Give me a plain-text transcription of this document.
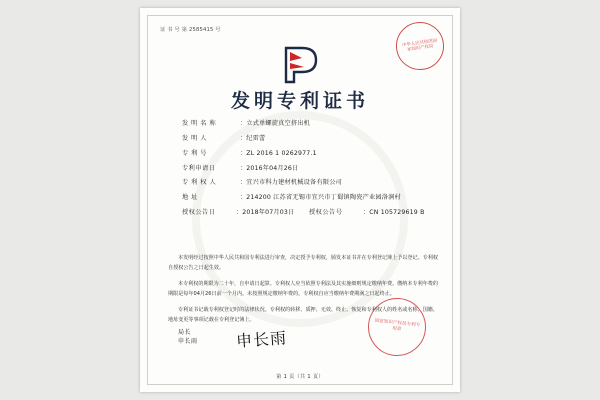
证 书 号 第 2585415 号
中华人民共和国国家知识产权局
发明专利证书
发 明 名 称	： 立式单螺旋真空挤出机
发 明 人	： 纪雷蕾
专 利 号	： ZL 2016 1 0262977.1
专利申请日	： 2016年04月26日
专 利 权 人	： 宜兴市科力建材机械设备有限公司
地 址	： 214200 江苏省无锡市宜兴市丁蜀镇陶瓷产业园洛涧村
授权公告日	： 2018年07月03日	授权公告号	： CN 105729619 B

本发明经过按照中华人民共和国专利法进行审查，决定授予专利权，颁发本证书并在专利登记簿上予以登记。专利权自授权公告之日起生效。

本专利权的期限为二十年，自申请日起算。专利权人应当依照专利法及其实施细则规定缴纳年费。缴纳本专利年费的期限是每年04月26日前一个月内。未按照规定缴纳年费的，专利权自应当缴纳年费期满之日起终止。

专利证书记载专利权登记时的法律状况。专利权的转移、质押、无效、终止、恢复和专利权人的姓名或名称、国籍、地址变更等事项记载在专利登记簿上。

局长
申长雨 申长雨
国家知识产权局专利专用章
第 1 页（共 1 页）
